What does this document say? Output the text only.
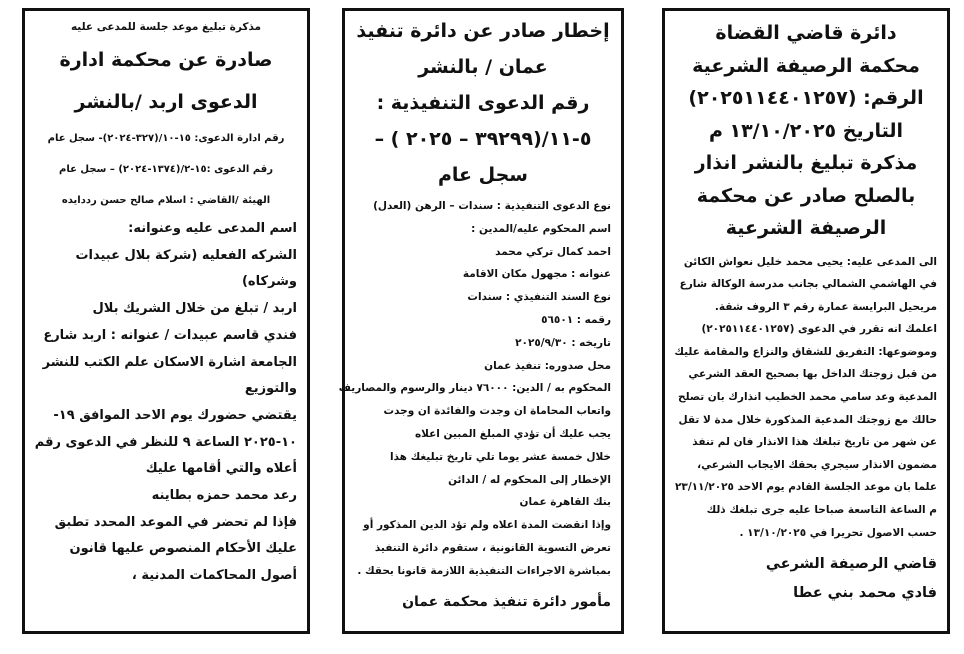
دائرة قاضي القضاة
محكمة الرصيفة الشرعية
الرقم: (٢٠٢٥١١٤٤٠١٢٥٧)
التاريخ ١٣/١٠/٢٠٢٥ م
مذكرة تبليغ بالنشر انذار
بالصلح صادر عن محكمة
الرصيفة الشرعية
الى المدعى عليه: يحيى محمد خليل نعواش الكائن
في الهاشمي الشمالي بجانب مدرسة الوكالة شارع
مريحيل البرايسة عمارة رقم ٣ الروف شقة.
اعلمك انه تقرر في الدعوى (٢٠٢٥١١٤٤٠١٢٥٧)
وموضوعها: التفريق للشقاق والنزاع والمقامة عليك
من قبل زوجتك الداخل بها بصحيح العقد الشرعي
المدعية وعد سامي محمد الخطيب انذارك بان تصلح
حالك مع زوجتك المدعية المذكورة خلال مدة لا تقل
عن شهر من تاريخ تبلغك هذا الانذار فان لم تنفذ
مضمون الانذار سيجري بحقك الايجاب الشرعي،
علما بان موعد الجلسة القادم يوم الاحد ٢٣/١١/٢٠٢٥
م الساعة التاسعة صباحا عليه جرى تبلغك ذلك
حسب الاصول تحريرا في ١٣/١٠/٢٠٢٥ .
قاضي الرصيفة الشرعي
فادي محمد بني عطا
إخطار صادر عن دائرة تنفيذ
عمان / بالنشر
رقم الدعوى التنفيذية :
٥-١١/(٣٩٢٩٩ – ٢٠٢٥ ) –
سجل عام
نوع الدعوى التنفيذية : سندات – الرهن (العدل)
اسم المحكوم عليه/المدين :
احمد كمال تركي محمد
عنوانه : مجهول مكان الاقامة
نوع السند التنفيذي : سندات
رقمه : ٥٦٥٠١
تاريخه : ٢٠٢٥/٩/٣٠
محل صدوره: تنفيذ عمان
المحكوم به / الدين: ٧٦٠٠٠ دينار والرسوم والمصاريف
واتعاب المحاماة ان وجدت والفائدة ان وجدت
يجب عليك أن تؤدي المبلغ المبين اعلاه
خلال خمسة عشر يوما تلي تاريخ تبليغك هذا
الإخطار إلى المحكوم له / الدائن
بنك القاهرة عمان
وإذا انقضت المدة اعلاه ولم تؤد الدين المذكور أو
تعرض التسوية القانونية ، ستقوم دائرة التنفيذ
بمباشرة الاجراءات التنفيذية اللازمة قانونا بحقك .
مأمور دائرة تنفيذ محكمة عمان
مذكرة تبليغ موعد جلسة للمدعى عليه
صادرة عن محكمة ادارة
الدعوى اربد /بالنشر
رقم ادارة الدعوى: ١٥-١٠/(٣٢٧-٢٠٢٤)- سجل عام
رقم الدعوى :١٥-٢/(١٣٧٤-٢٠٢٤) – سجل عام
الهيئة /القاضي : اسلام صالح حسن رددايده
اسم المدعى عليه وعنوانه:
الشركه الفعليه (شركة بلال عبيدات
وشركاه)
اربد / تبلغ من خلال الشريك بلال
فندي قاسم عبيدات / عنوانه : اربد شارع
الجامعة اشارة الاسكان علم الكتب للنشر
والتوزيع
يقتضي حضورك يوم الاحد الموافق ١٩-
١٠-٢٠٢٥ الساعة ٩ للنظر في الدعوى رقم
أعلاه والتي أقامها عليك
رعد محمد حمزه بطاينه
فإذا لم تحضر في الموعد المحدد تطبق
عليك الأحكام المنصوص عليها قانون
أصول المحاكمات المدنية ،
